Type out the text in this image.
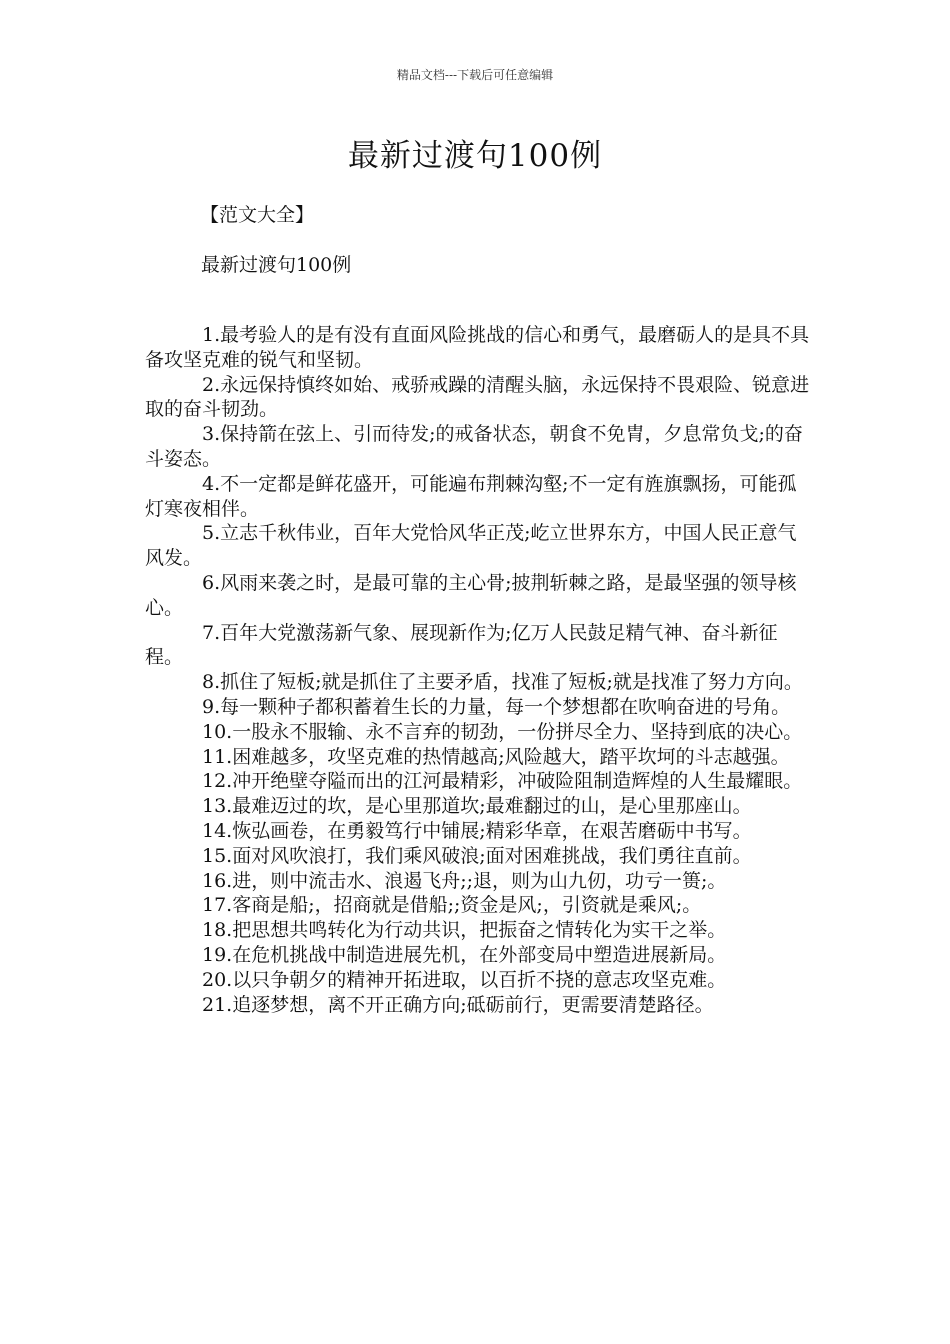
精品文档---下载后可任意编辑
最新过渡句100例
【范文大全】
最新过渡句100例

1.最考验人的是有没有直面风险挑战的信心和勇气，最磨砺人的是具不具备攻坚克难的锐气和坚韧。

2.永远保持慎终如始、戒骄戒躁的清醒头脑，永远保持不畏艰险、锐意进取的奋斗韧劲。

3.保持箭在弦上、引而待发;的戒备状态，朝食不免胄，夕息常负戈;的奋斗姿态。

4.不一定都是鲜花盛开，可能遍布荆棘沟壑;不一定有旌旗飘扬，可能孤灯寒夜相伴。

5.立志千秋伟业，百年大党恰风华正茂;屹立世界东方，中国人民正意气风发。

6.风雨来袭之时，是最可靠的主心骨;披荆斩棘之路，是最坚强的领导核心。

7.百年大党激荡新气象、展现新作为;亿万人民鼓足精气神、奋斗新征程。

8.抓住了短板;就是抓住了主要矛盾，找准了短板;就是找准了努力方向。

9.每一颗种子都积蓄着生长的力量，每一个梦想都在吹响奋进的号角。

10.一股永不服输、永不言弃的韧劲，一份拼尽全力、坚持到底的决心。

11.困难越多，攻坚克难的热情越高;风险越大，踏平坎坷的斗志越强。

12.冲开绝壁夺隘而出的江河最精彩，冲破险阻制造辉煌的人生最耀眼。

13.最难迈过的坎，是心里那道坎;最难翻过的山，是心里那座山。

14.恢弘画卷，在勇毅笃行中铺展;精彩华章，在艰苦磨砺中书写。

15.面对风吹浪打，我们乘风破浪;面对困难挑战，我们勇往直前。

16.进，则中流击水、浪遏飞舟;;退，则为山九仞，功亏一篑;。

17.客商是船;，招商就是借船;;资金是风;，引资就是乘风;。

18.把思想共鸣转化为行动共识，把振奋之情转化为实干之举。

19.在危机挑战中制造进展先机，在外部变局中塑造进展新局。

20.以只争朝夕的精神开拓进取，以百折不挠的意志攻坚克难。

21.追逐梦想，离不开正确方向;砥砺前行，更需要清楚路径。
